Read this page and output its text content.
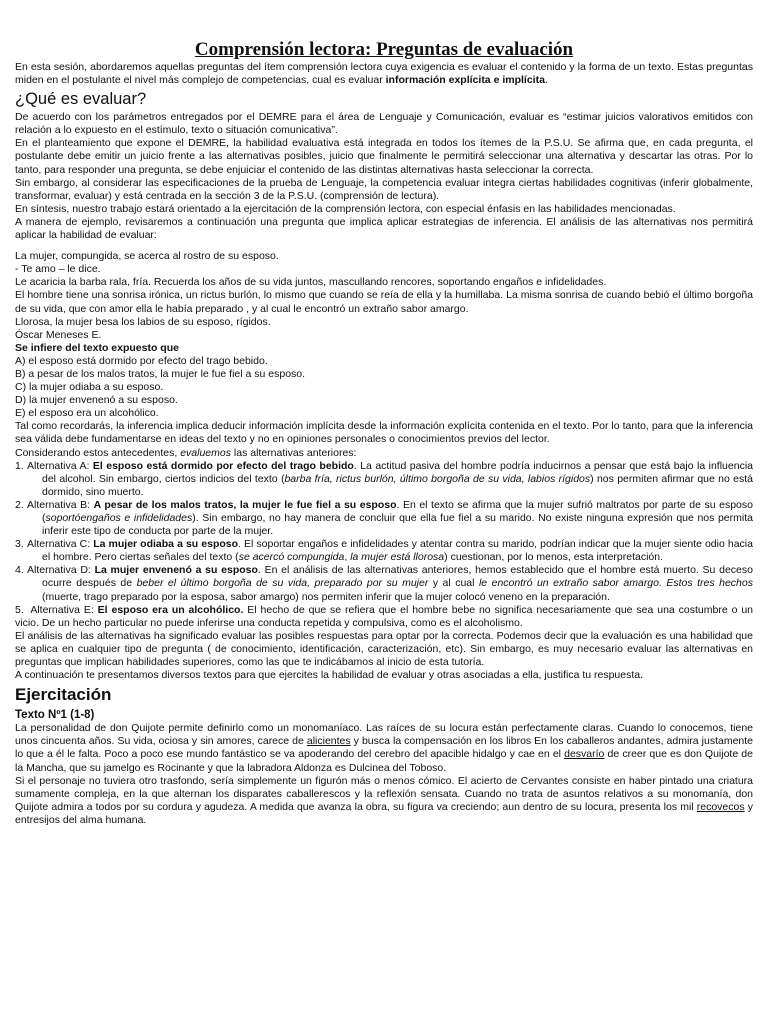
Comprensión lectora: Preguntas de evaluación

En esta sesión, abordaremos aquellas preguntas del ítem comprensión lectora cuya exigencia es evaluar el contenido y la forma de un texto. Estas preguntas miden en el postulante el nivel más complejo de competencias, cual es evaluar información explícita e implícita.

¿Qué es evaluar?

De acuerdo con los parámetros entregados por el DEMRE para el área de Lenguaje y Comunicación, evaluar es “estimar juicios valorativos emitidos con relación a lo expuesto en el estímulo, texto o situación comunicativa”.

En el planteamiento que expone el DEMRE, la habilidad evaluativa está integrada en todos los ítemes de la P.S.U. Se afirma que, en cada pregunta, el postulante debe emitir un juicio frente a las alternativas posibles, juicio que finalmente le permitirá seleccionar una alternativa y descartar las otras. Por lo tanto, para responder una pregunta, se debe enjuiciar el contenido de las distintas alternativas hasta seleccionar la correcta.

Sin embargo, al considerar las especificaciones de la prueba de Lenguaje, la competencia evaluar integra ciertas habilidades cognitivas (inferir globalmente, transformar, evaluar) y está centrada en la sección 3 de la P.S.U. (comprensión de lectura).

En síntesis, nuestro trabajo estará orientado a la ejercitación de la comprensión lectora, con especial énfasis en las habilidades mencionadas.

A manera de ejemplo, revisaremos a continuación una pregunta que implica aplicar estrategias de inferencia. El análisis de las alternativas nos permitirá aplicar la habilidad de evaluar:

La mujer, compungida, se acerca al rostro de su esposo.

- Te amo – le dice.

Le acaricia la barba rala, fría. Recuerda los años de su vida juntos, mascullando rencores, soportando engaños e infidelidades.

El hombre tiene una sonrisa irónica, un rictus burlón, lo mismo que cuando se reía de ella y la humillaba. La misma sonrisa de cuando bebió el último borgoña de su vida, que con amor ella le había preparado , y al cual le encontró un extraño sabor amargo.

Llorosa, la mujer besa los labios de su esposo, rígidos.

Óscar Meneses E.

Se infiere del texto expuesto que

A) el esposo está dormido por efecto del trago bebido.

B) a pesar de los malos tratos, la mujer le fue fiel a su esposo.

C) la mujer odiaba a su esposo.

D) la mujer envenenó a su esposo.

E) el esposo era un alcohólico.

Tal como recordarás, la inferencia implica deducir información implícita desde la información explícita contenida en el texto. Por lo tanto, para que la inferencia sea válida debe fundamentarse en ideas del texto y no en opiniones personales o conocimientos previos del lector.

Considerando estos antecedentes, evaluemos las alternativas anteriores:

1. Alternativa A: El esposo está dormido por efecto del trago bebido. La actitud pasiva del hombre podría inducirnos a pensar que está bajo la influencia del alcohol. Sin embargo, ciertos indicios del texto (barba fría, rictus burlón, último borgoña de su vida, labios rígidos) nos permiten afirmar que no está dormido, sino muerto.
2. Alternativa B: A pesar de los malos tratos, la mujer le fue fiel a su esposo. En el texto se afirma que la mujer sufrió maltratos por parte de su esposo (soportóengaños e infidelidades). Sin embargo, no hay manera de concluir que ella fue fiel a su marido. No existe ninguna expresión que nos permita inferir este tipo de conducta por parte de la mujer.
3. Alternativa C: La mujer odiaba a su esposo. El soportar engaños e infidelidades y atentar contra su marido, podrían indicar que la mujer siente odio hacia el hombre. Pero ciertas señales del texto (se acercó compungida, la mujer está llorosa) cuestionan, por lo menos, esta interpretación.
4. Alternativa D: La mujer envenenó a su esposo. En el análisis de las alternativas anteriores, hemos establecido que el hombre está muerto. Su deceso ocurre después de beber el último borgoña de su vida, preparado por su mujer y al cual le encontró un extraño sabor amargo. Estos tres hechos (muerte, trago preparado por la esposa, sabor amargo) nos permiten inferir que la mujer colocó veneno en la preparación.
5. Alternativa E: El esposo era un alcohólico. El hecho de que se refiera que el hombre bebe no significa necesariamente que sea una costumbre o un vicio. De un hecho particular no puede inferirse una conducta repetida y compulsiva, como es el alcoholismo.

El análisis de las alternativas ha significado evaluar las posibles respuestas para optar por la correcta. Podemos decir que la evaluación es una habilidad que se aplica en cualquier tipo de pregunta ( de conocimiento, identificación, caracterización, etc). Sin embargo, es muy necesario evaluar las alternativas en preguntas que implican habilidades superiores, como las que te indicábamos al inicio de esta tutoría.

A continuación te presentamos diversos textos para que ejercites la habilidad de evaluar y otras asociadas a ella, justifica tu respuesta.

Ejercitación
Texto Nº1 (1-8)

La personalidad de don Quijote permite definirlo como un monomaníaco. Las raíces de su locura están perfectamente claras. Cuando lo conocemos, tiene unos cincuenta años. Su vida, ociosa y sin amores, carece de alicientes y busca la compensación en los libros En los caballeros andantes, admira justamente lo que a él le falta. Poco a poco ese mundo fantástico se va apoderando del cerebro del apacible hidalgo y cae en el desvarío de creer que es don Quijote de la Mancha, que su jamelgo es Rocinante y que la labradora Aldonza es Dulcinea del Toboso.

Si el personaje no tuviera otro trasfondo, sería simplemente un figurón más o menos cómico. El acierto de Cervantes consiste en haber pintado una criatura sumamente compleja, en la que alternan los disparates caballerescos y la reflexión sensata. Cuando no trata de asuntos relativos a su monomanía, don Quijote admira a todos por su cordura y agudeza. A medida que avanza la obra, su figura va creciendo; aun dentro de su locura, presenta los mil recovecos y entresijos del alma humana.
